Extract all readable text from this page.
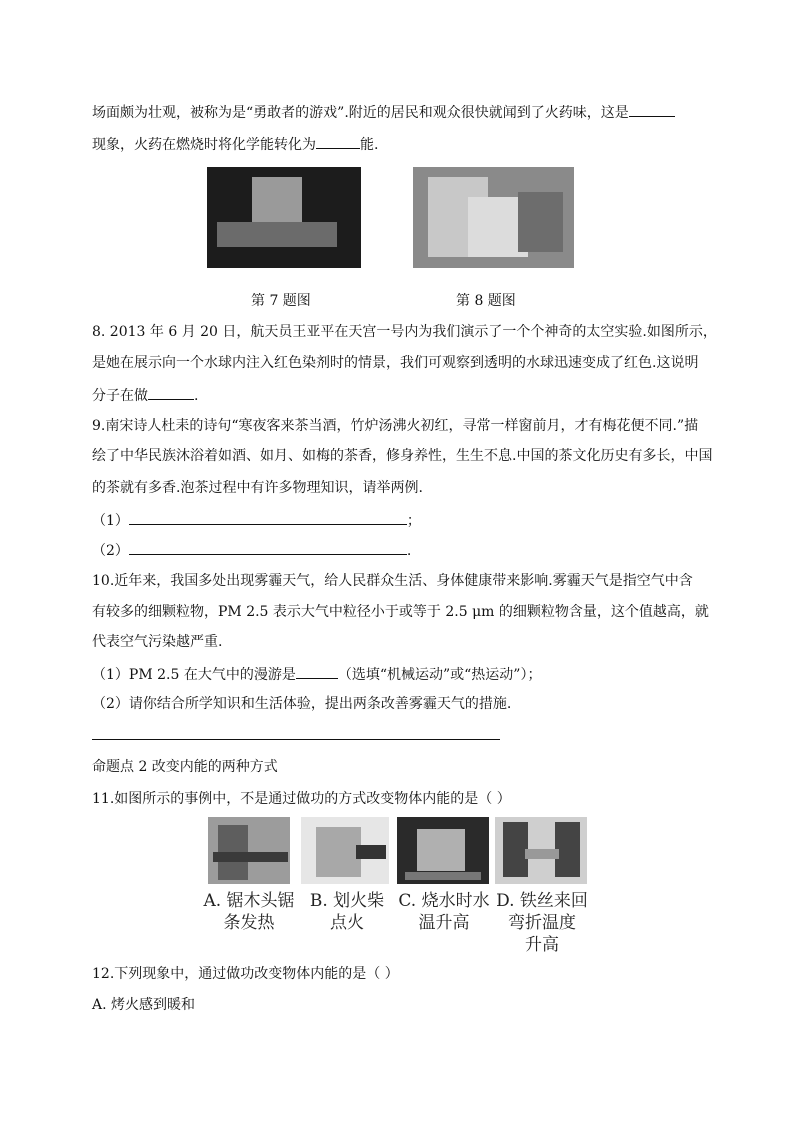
场面颇为壮观，被称为是“勇敢者的游戏”.附近的居民和观众很快就闻到了火药味，这是
现象，火药在燃烧时将化学能转化为	能.
第 7 题图	第 8 题图
8. 2013 年 6 月 20 日，航天员王亚平在天宫一号内为我们演示了一个个神奇的太空实验.如图所示，
是她在展示向一个水球内注入红色染剂时的情景，我们可观察到透明的水球迅速变成了红色.这说明
分子在做	.
9.南宋诗人杜耒的诗句“寒夜客来茶当酒，竹炉汤沸火初红，寻常一样窗前月，才有梅花便不同.”描
绘了中华民族沐浴着如酒、如月、如梅的茶香，修身养性，生生不息.中国的茶文化历史有多长，中国
的茶就有多香.泡茶过程中有许多物理知识，请举两例.
（1）	；
（2）	.
10.近年来，我国多处出现雾霾天气，给人民群众生活、身体健康带来影响.雾霾天气是指空气中含
有较多的细颗粒物，PM 2.5 表示大气中粒径小于或等于 2.5 μm 的细颗粒物含量，这个值越高，就
代表空气污染越严重.
（1）PM 2.5 在大气中的漫游是	（选填“机械运动”或“热运动”）；
（2）请你结合所学知识和生活体验，提出两条改善雾霾天气的措施.
命题点 2 改变内能的两种方式
11.如图所示的事例中，不是通过做功的方式改变物体内能的是（ ）
A. 锯木头锯
条发热
B. 划火柴
点火
C. 烧水时水
温升高
D. 铁丝来回
弯折温度
升高
12.下列现象中，通过做功改变物体内能的是（ ）
A. 烤火感到暖和
